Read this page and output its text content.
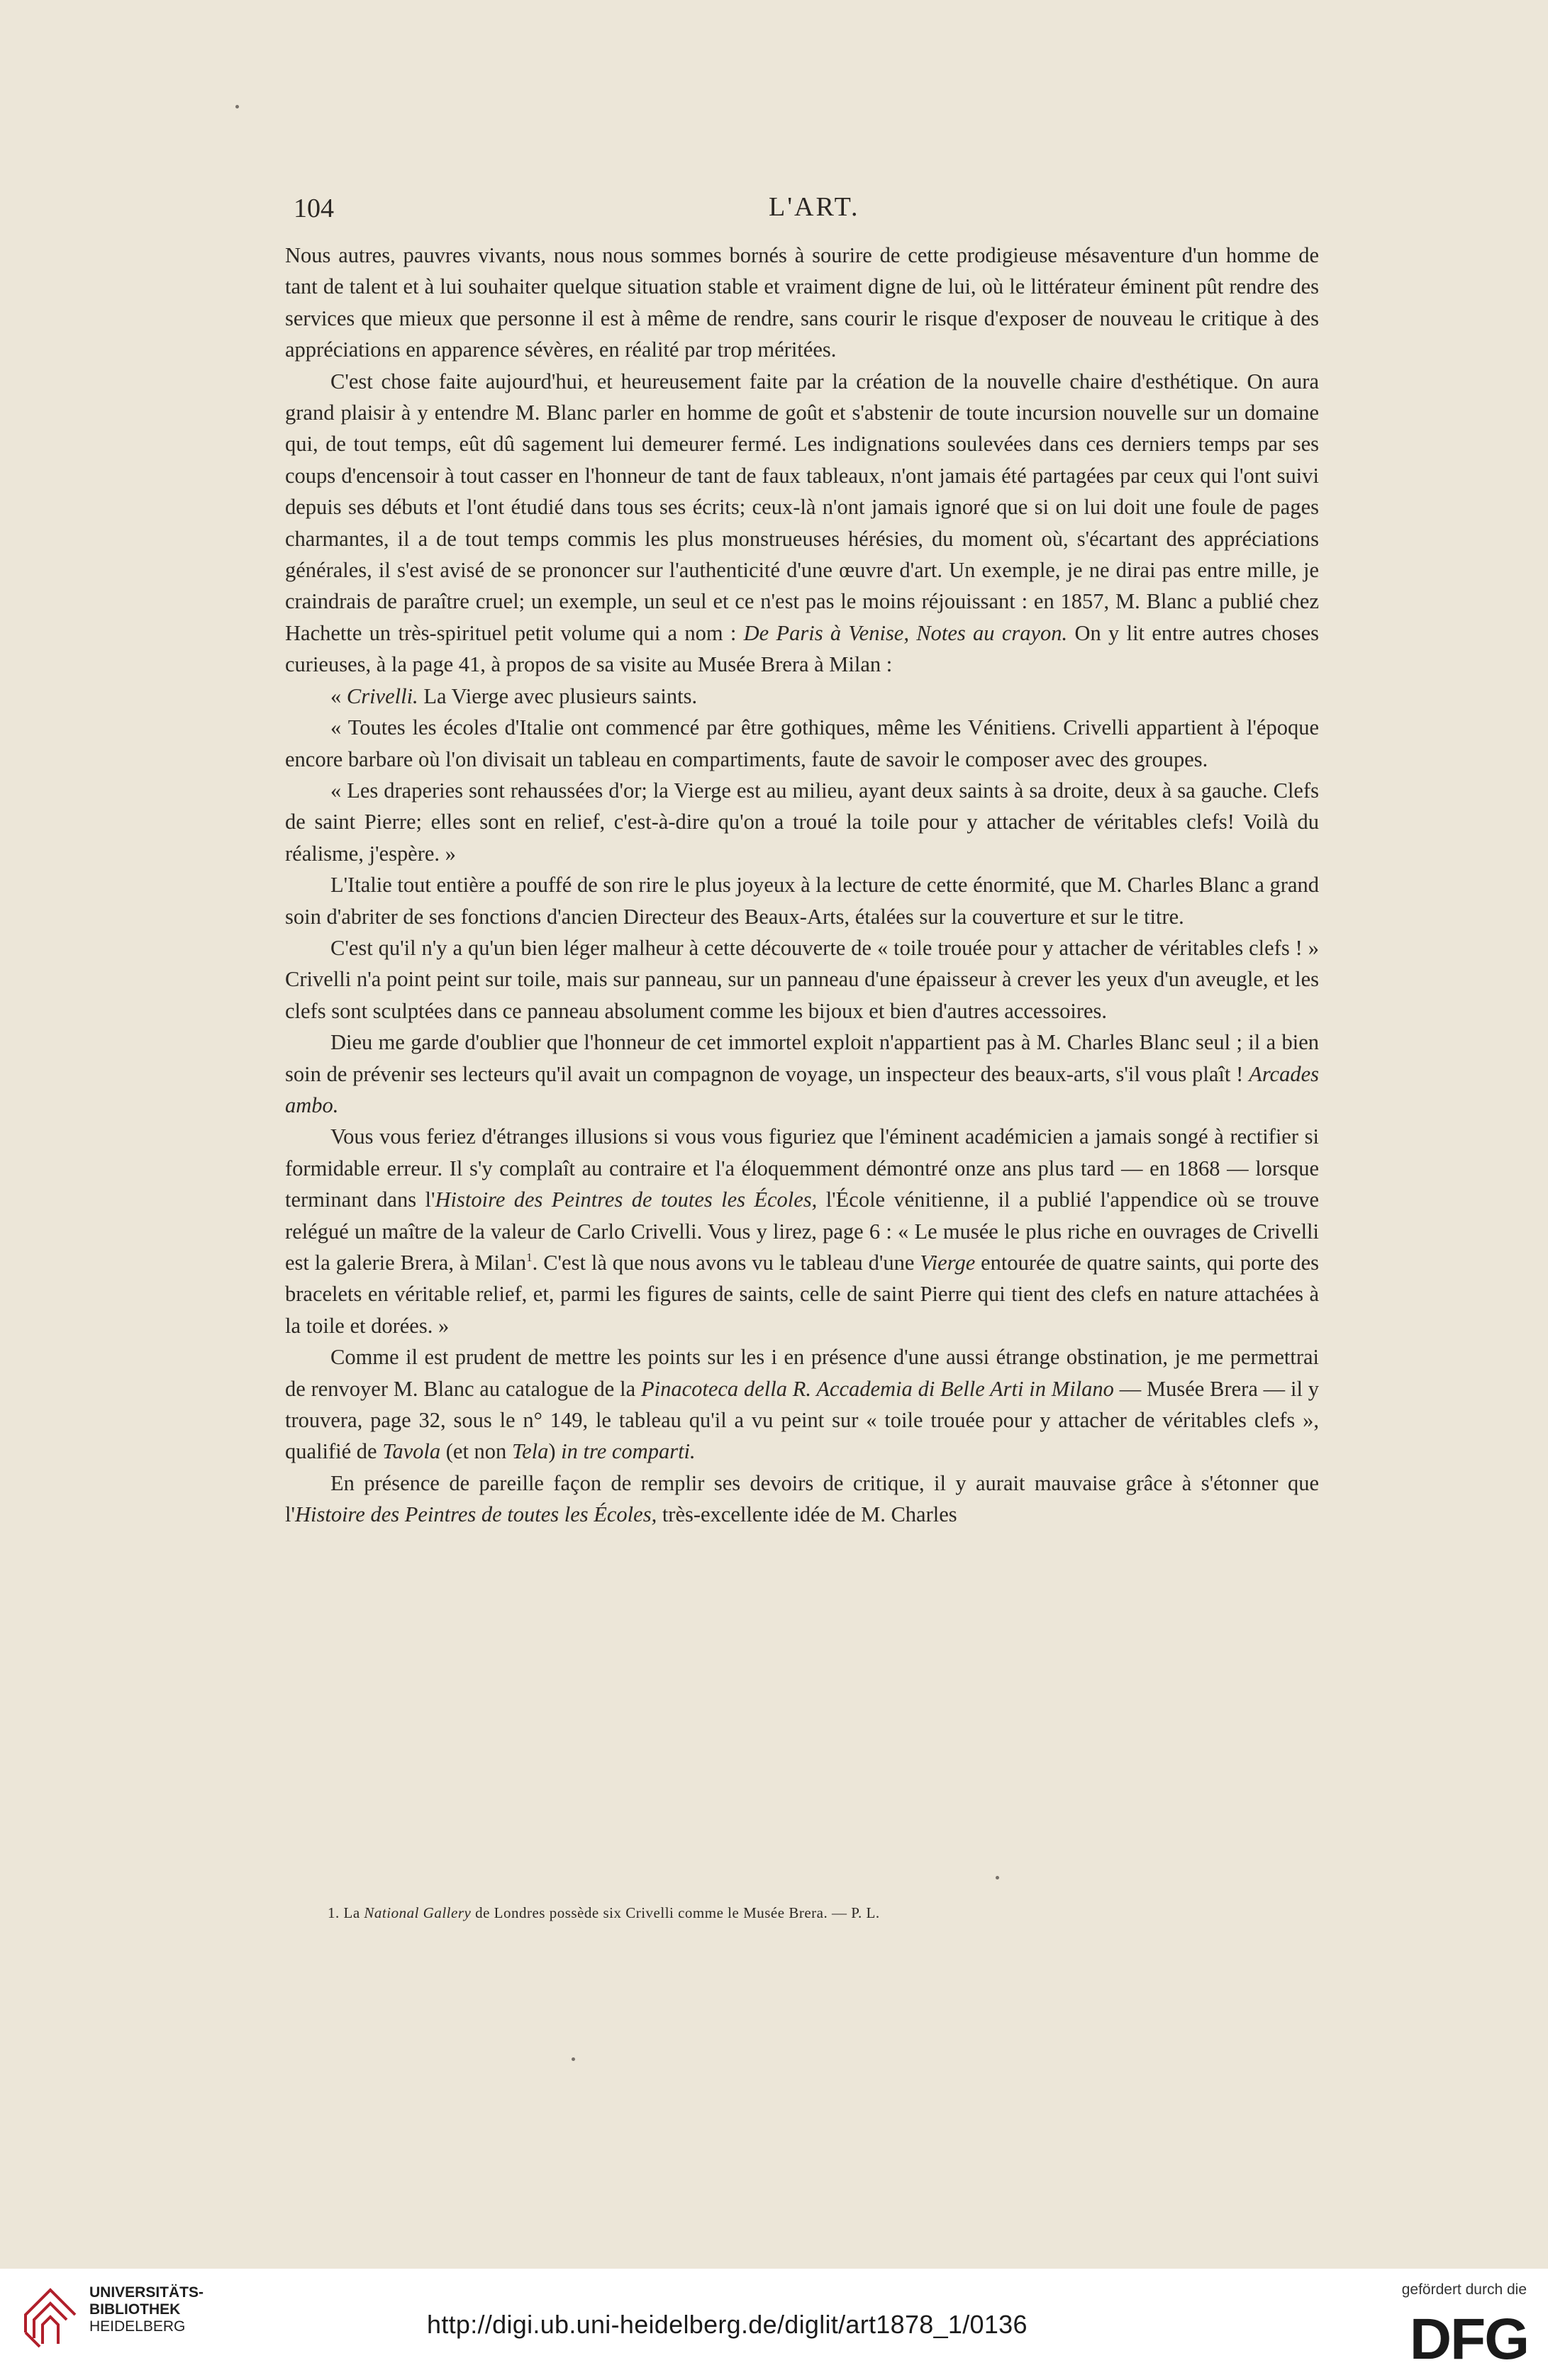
104	L'ART.

Nous autres, pauvres vivants, nous nous sommes bornés à sourire de cette prodigieuse mésaventure d'un homme de tant de talent et à lui souhaiter quelque situation stable et vraiment digne de lui, où le littérateur éminent pût rendre des services que mieux que personne il est à même de rendre, sans courir le risque d'exposer de nouveau le critique à des appréciations en apparence sévères, en réalité par trop méritées.

C'est chose faite aujourd'hui, et heureusement faite par la création de la nouvelle chaire d'esthétique. On aura grand plaisir à y entendre M. Blanc parler en homme de goût et s'abstenir de toute incursion nouvelle sur un domaine qui, de tout temps, eût dû sagement lui demeurer fermé. Les indignations soulevées dans ces derniers temps par ses coups d'encensoir à tout casser en l'honneur de tant de faux tableaux, n'ont jamais été partagées par ceux qui l'ont suivi depuis ses débuts et l'ont étudié dans tous ses écrits; ceux-là n'ont jamais ignoré que si on lui doit une foule de pages charmantes, il a de tout temps commis les plus monstrueuses hérésies, du moment où, s'écartant des appréciations générales, il s'est avisé de se prononcer sur l'authenticité d'une œuvre d'art. Un exemple, je ne dirai pas entre mille, je craindrais de paraître cruel; un exemple, un seul et ce n'est pas le moins réjouissant : en 1857, M. Blanc a publié chez Hachette un très-spirituel petit volume qui a nom : De Paris à Venise, Notes au crayon. On y lit entre autres choses curieuses, à la page 41, à propos de sa visite au Musée Brera à Milan :

« Crivelli. La Vierge avec plusieurs saints.

« Toutes les écoles d'Italie ont commencé par être gothiques, même les Vénitiens. Crivelli appartient à l'époque encore barbare où l'on divisait un tableau en compartiments, faute de savoir le composer avec des groupes.

« Les draperies sont rehaussées d'or; la Vierge est au milieu, ayant deux saints à sa droite, deux à sa gauche. Clefs de saint Pierre; elles sont en relief, c'est-à-dire qu'on a troué la toile pour y attacher de véritables clefs! Voilà du réalisme, j'espère. »

L'Italie tout entière a pouffé de son rire le plus joyeux à la lecture de cette énormité, que M. Charles Blanc a grand soin d'abriter de ses fonctions d'ancien Directeur des Beaux-Arts, étalées sur la couverture et sur le titre.

C'est qu'il n'y a qu'un bien léger malheur à cette découverte de « toile trouée pour y attacher de véritables clefs ! » Crivelli n'a point peint sur toile, mais sur panneau, sur un panneau d'une épaisseur à crever les yeux d'un aveugle, et les clefs sont sculptées dans ce panneau absolument comme les bijoux et bien d'autres accessoires.

Dieu me garde d'oublier que l'honneur de cet immortel exploit n'appartient pas à M. Charles Blanc seul ; il a bien soin de prévenir ses lecteurs qu'il avait un compagnon de voyage, un inspecteur des beaux-arts, s'il vous plaît ! Arcades ambo.

Vous vous feriez d'étranges illusions si vous vous figuriez que l'éminent académicien a jamais songé à rectifier si formidable erreur. Il s'y complaît au contraire et l'a éloquemment démontré onze ans plus tard — en 1868 — lorsque terminant dans l'Histoire des Peintres de toutes les Écoles, l'École vénitienne, il a publié l'appendice où se trouve relégué un maître de la valeur de Carlo Crivelli. Vous y lirez, page 6 : « Le musée le plus riche en ouvrages de Crivelli est la galerie Brera, à Milan$^1$. C'est là que nous avons vu le tableau d'une Vierge entourée de quatre saints, qui porte des bracelets en véritable relief, et, parmi les figures de saints, celle de saint Pierre qui tient des clefs en nature attachées à la toile et dorées. »

Comme il est prudent de mettre les points sur les i en présence d'une aussi étrange obstination, je me permettrai de renvoyer M. Blanc au catalogue de la Pinacoteca della R. Accademia di Belle Arti in Milano — Musée Brera — il y trouvera, page 32, sous le n° 149, le tableau qu'il a vu peint sur « toile trouée pour y attacher de véritables clefs », qualifié de Tavola (et non Tela) in tre comparti.

En présence de pareille façon de remplir ses devoirs de critique, il y aurait mauvaise grâce à s'étonner que l'Histoire des Peintres de toutes les Écoles, très-excellente idée de M. Charles

1. La National Gallery de Londres possède six Crivelli comme le Musée Brera. — P. L.
UNIVERSITÄTS-
BIBLIOTHEK
HEIDELBERG	http://digi.ub.uni-heidelberg.de/diglit/art1878_1/0136
gefördert durch die
DFG
